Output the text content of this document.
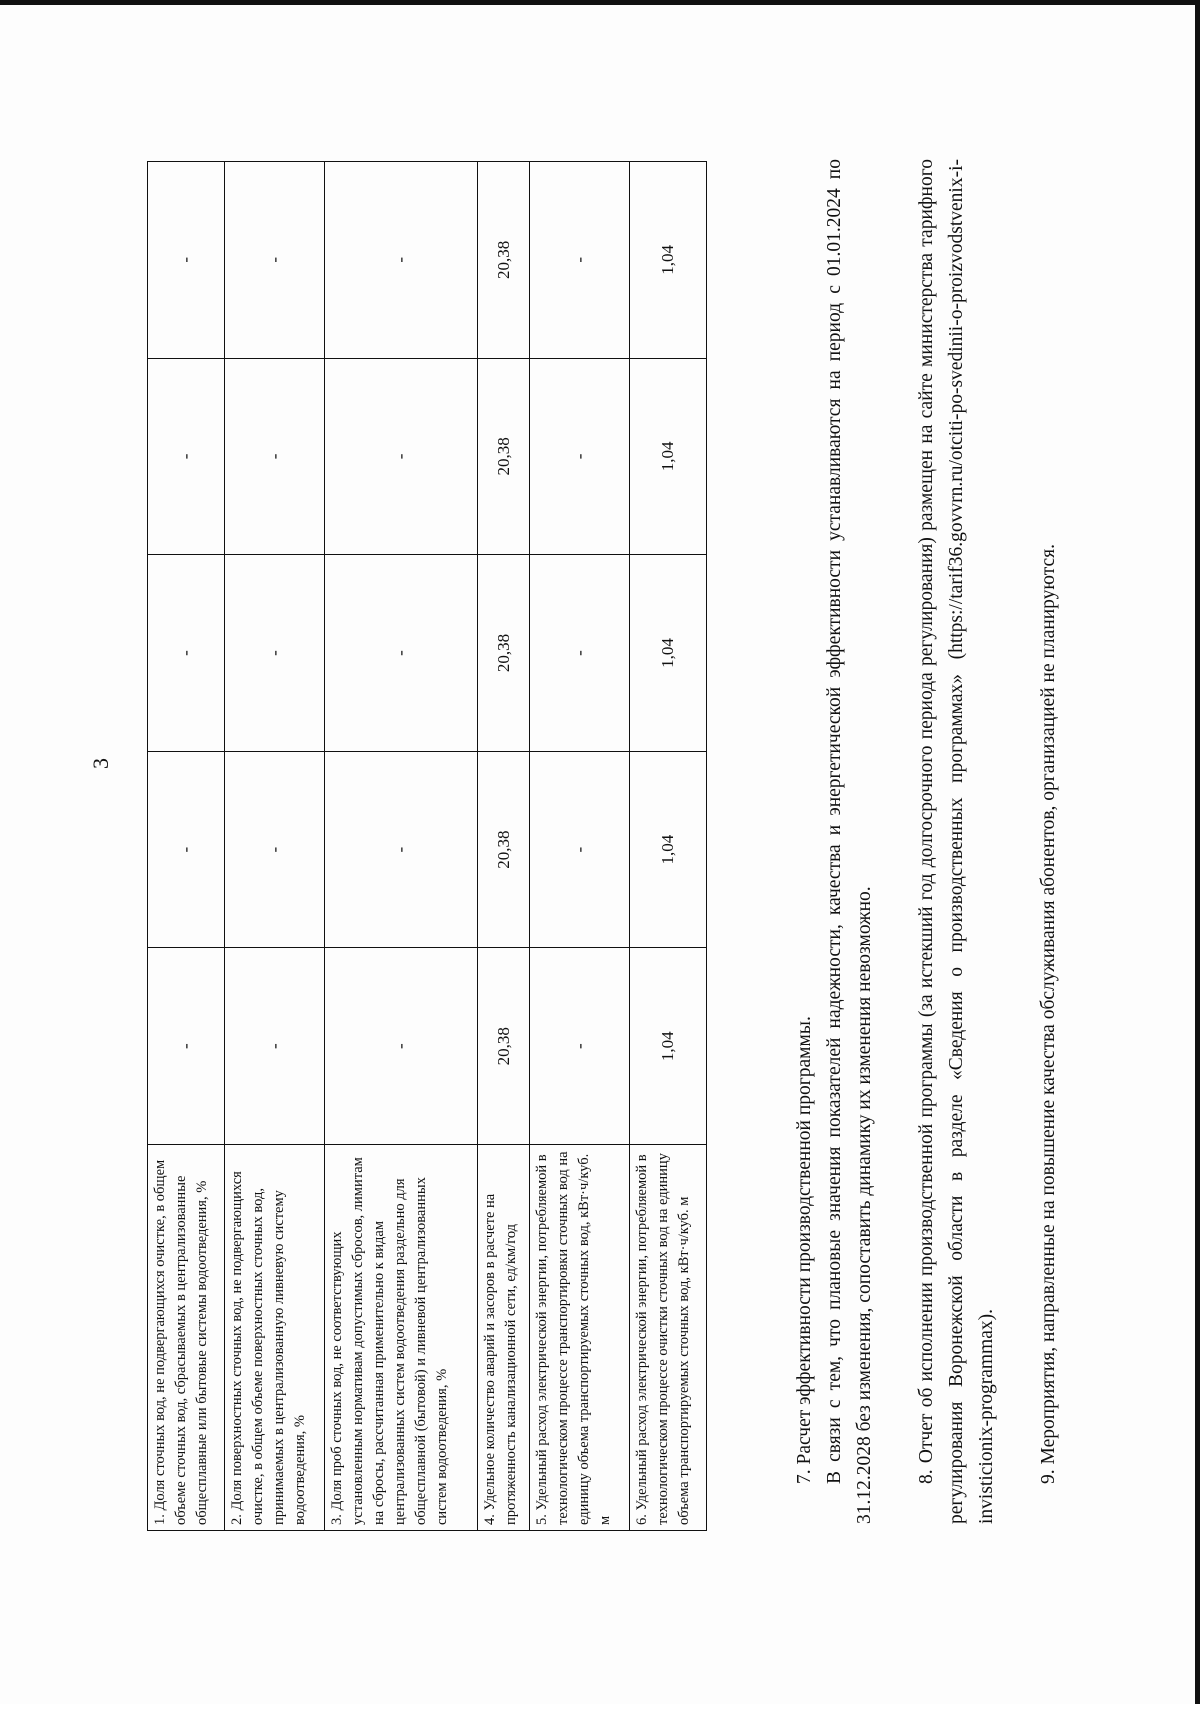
3
1. Доля сточных вод, не подвергающихся очистке, в общем объеме сточных вод, сбрасываемых в централизованные общесплавные или бытовые системы водоотведения, %	-	-	-	-	-
2. Доля поверхностных сточных вод, не подвергающихся очистке, в общем объеме поверхностных сточных вод, принимаемых в централизованную ливневую систему водоотведения, %	-	-	-	-	-
3. Доля проб сточных вод, не соответствующих установленным нормативам допустимых сбросов, лимитам на сбросы, рассчитанная применительно к видам централизованных систем водоотведения раздельно для общесплавной (бытовой) и ливневой централизованных систем водоотведения, %	-	-	-	-	-
4. Удельное количество аварий и засоров в расчете на протяженность канализационной сети, ед/км/год	20,38	20,38	20,38	20,38	20,38
5. Удельный расход электрической энергии, потребляемой в технологическом процессе транспортировки сточных вод на единицу объема транспортируемых сточных вод, кВт·ч/куб. м	-	-	-	-	-
6. Удельный расход электрической энергии, потребляемой в технологическом процессе очистки сточных вод на единицу объема транспортируемых сточных вод, кВт·ч/куб. м	1,04	1,04	1,04	1,04	1,04

7. Расчет эффективности производственной программы. В связи с тем, что плановые значения показателей надежности, качества и энергетической эффективности устанавливаются на период с 01.01.2024 по 31.12.2028 без изменения, сопоставить динамику их изменения невозможно. 8. Отчет об исполнении производственной программы (за истекший год долгосрочного периода регулирования) размещен на сайте министерства тарифного регулирования Воронежской области в разделе «Сведения о производственных программах» (https://tarif36.govvrn.ru/otciti-po-svedinii-o-proizvodstvenix-i-invisticionix-programmax). 9. Мероприятия, направленные на повышение качества обслуживания абонентов, организацией не планируются.
